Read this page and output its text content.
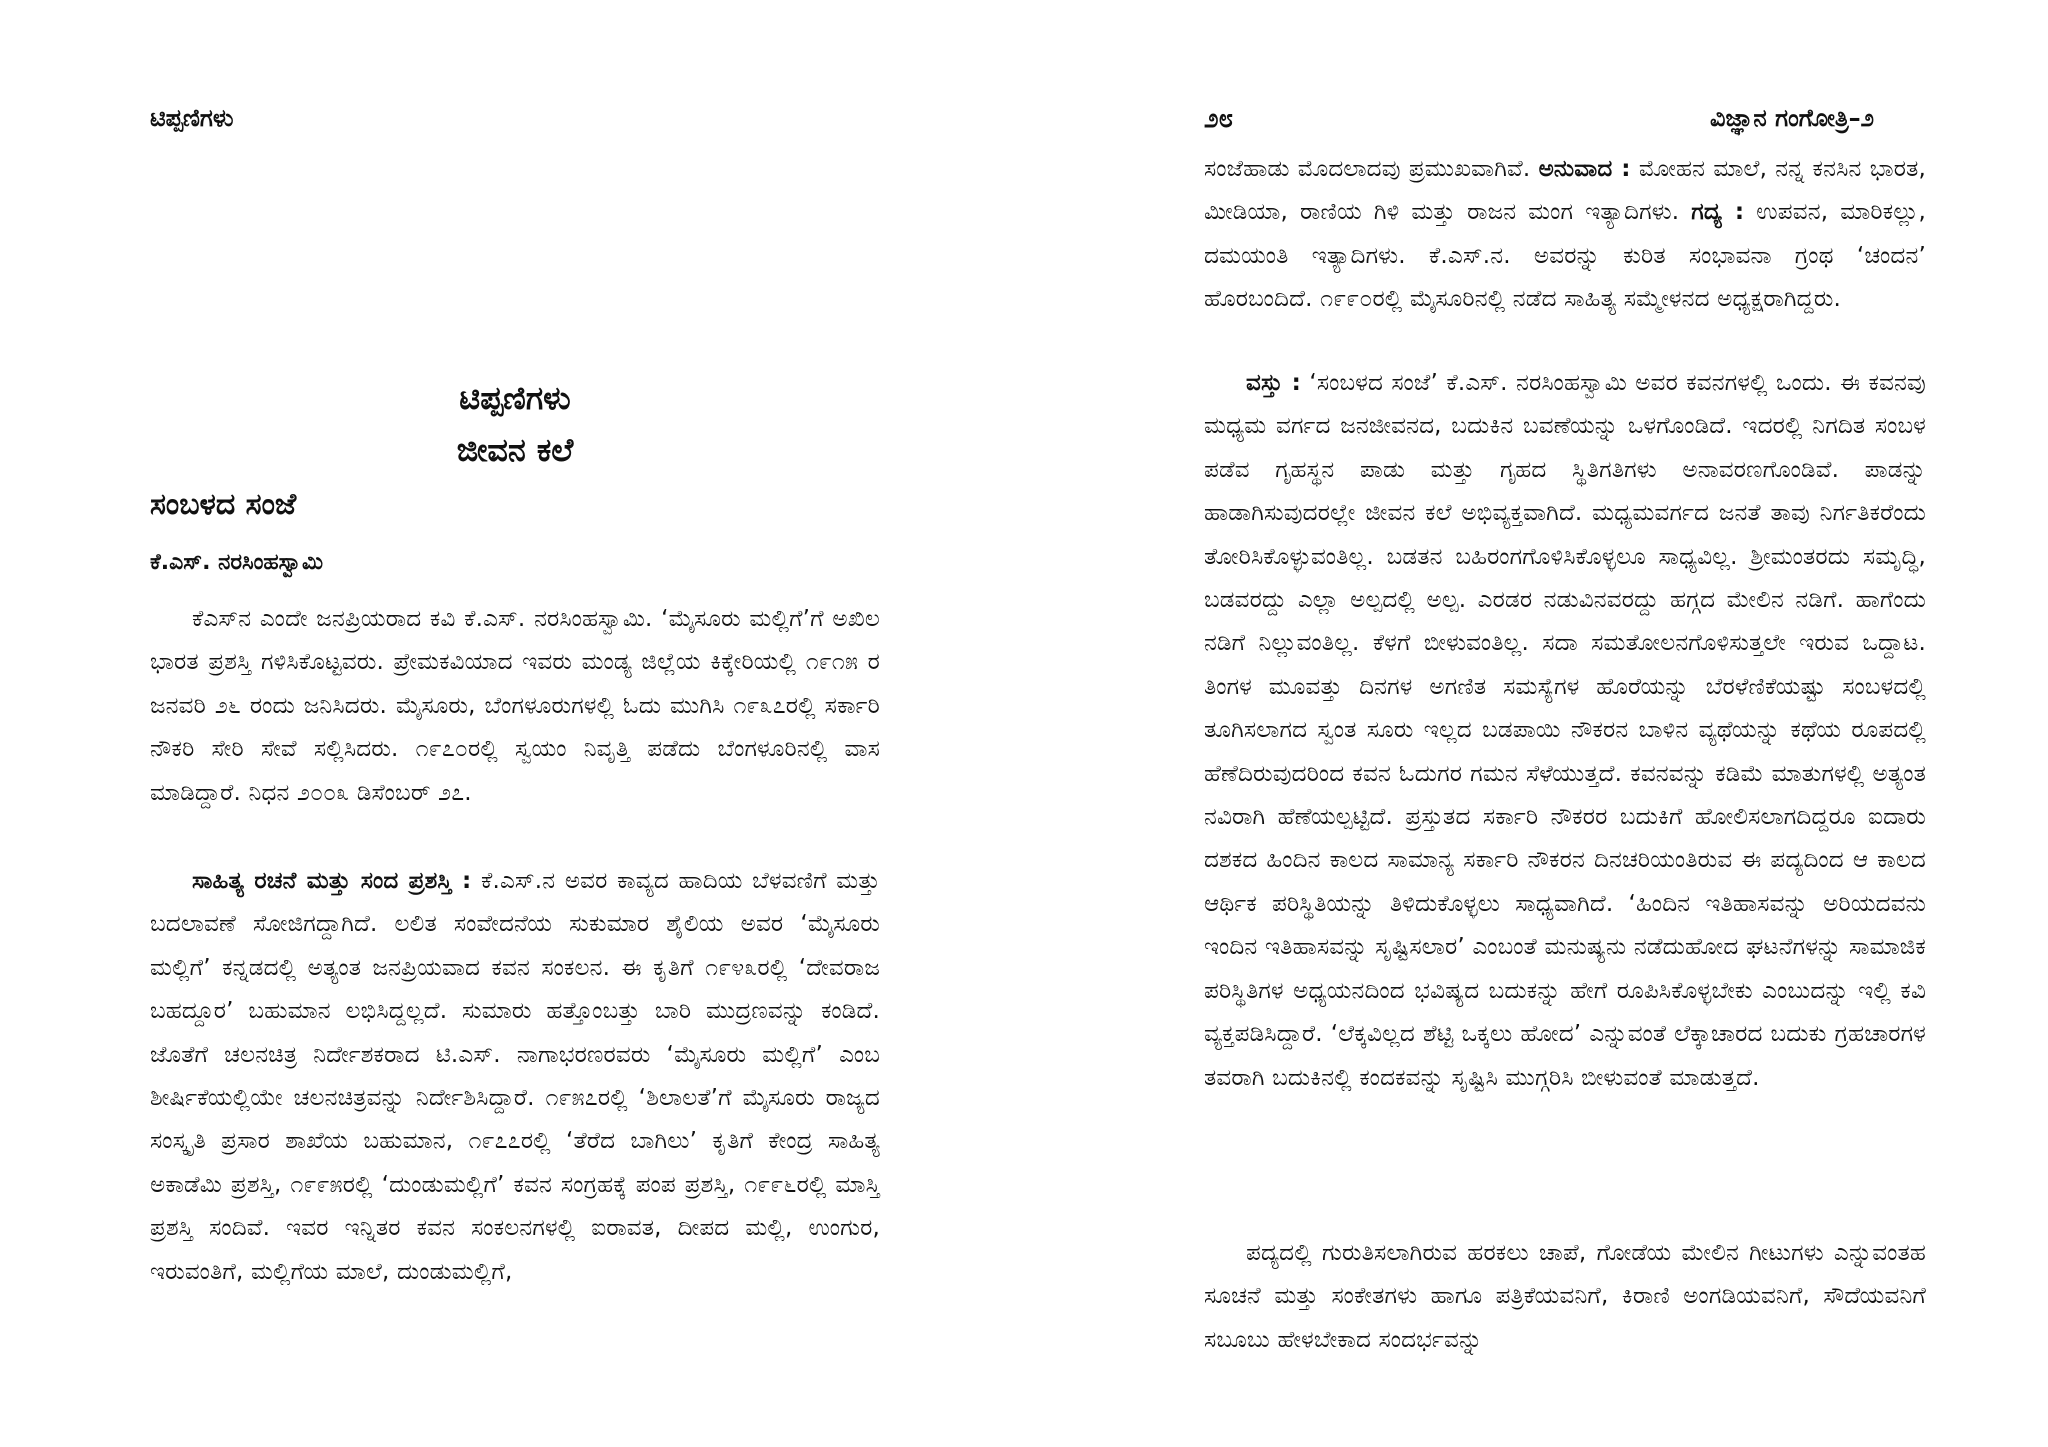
ಟಿಪ್ಪಣಿಗಳು
ಟಿಪ್ಪಣಿಗಳು
ಜೀವನ ಕಲೆ
ಸಂಬಳದ ಸಂಜೆ
ಕೆ.ಎಸ್. ನರಸಿಂಹಸ್ವಾಮಿ

ಕೆಎಸ್‌ನ ಎಂದೇ ಜನಪ್ರಿಯರಾದ ಕವಿ ಕೆ.ಎಸ್. ನರಸಿಂಹಸ್ವಾಮಿ. ‘ಮೈಸೂರು ಮಲ್ಲಿಗೆ’ಗೆ ಅಖಿಲ ಭಾರತ ಪ್ರಶಸ್ತಿ ಗಳಿಸಿಕೊಟ್ಟವರು. ಪ್ರೇಮಕವಿಯಾದ ಇವರು ಮಂಡ್ಯ ಜಿಲ್ಲೆಯ ಕಿಕ್ಕೇರಿಯಲ್ಲಿ ೧೯೧೫ ರ ಜನವರಿ ೨೬ ರಂದು ಜನಿಸಿದರು. ಮೈಸೂರು, ಬೆಂಗಳೂರುಗಳಲ್ಲಿ ಓದು ಮುಗಿಸಿ ೧೯೩೭ರಲ್ಲಿ ಸರ್ಕಾರಿ ನೌಕರಿ ಸೇರಿ ಸೇವೆ ಸಲ್ಲಿಸಿದರು. ೧೯೭೦ರಲ್ಲಿ ಸ್ವಯಂ ನಿವೃತ್ತಿ ಪಡೆದು ಬೆಂಗಳೂರಿನಲ್ಲಿ ವಾಸ ಮಾಡಿದ್ದಾರೆ. ನಿಧನ ೨೦೦೩ ಡಿಸೆಂಬರ್ ೨೭.

ಸಾಹಿತ್ಯ ರಚನೆ ಮತ್ತು ಸಂದ ಪ್ರಶಸ್ತಿ : ಕೆ.ಎಸ್.ನ ಅವರ ಕಾವ್ಯದ ಹಾದಿಯ ಬೆಳವಣಿಗೆ ಮತ್ತು ಬದಲಾವಣೆ ಸೋಜಿಗದ್ದಾಗಿದೆ. ಲಲಿತ ಸಂವೇದನೆಯ ಸುಕುಮಾರ ಶೈಲಿಯ ಅವರ ‘ಮೈಸೂರು ಮಲ್ಲಿಗೆ’ ಕನ್ನಡದಲ್ಲಿ ಅತ್ಯಂತ ಜನಪ್ರಿಯವಾದ ಕವನ ಸಂಕಲನ. ಈ ಕೃತಿಗೆ ೧೯೪೩ರಲ್ಲಿ ‘ದೇವರಾಜ ಬಹದ್ದೂರ’ ಬಹುಮಾನ ಲಭಿಸಿದ್ದಲ್ಲದೆ. ಸುಮಾರು ಹತ್ತೊಂಬತ್ತು ಬಾರಿ ಮುದ್ರಣವನ್ನು ಕಂಡಿದೆ. ಜೊತೆಗೆ ಚಲನಚಿತ್ರ ನಿರ್ದೇಶಕರಾದ ಟಿ.ಎಸ್. ನಾಗಾಭರಣರವರು ‘ಮೈಸೂರು ಮಲ್ಲಿಗೆ’ ಎಂಬ ಶೀರ್ಷಿಕೆಯಲ್ಲಿಯೇ ಚಲನಚಿತ್ರವನ್ನು ನಿರ್ದೇಶಿಸಿದ್ದಾರೆ. ೧೯೫೭ರಲ್ಲಿ ‘ಶಿಲಾಲತೆ’ಗೆ ಮೈಸೂರು ರಾಜ್ಯದ ಸಂಸ್ಕೃತಿ ಪ್ರಸಾರ ಶಾಖೆಯ ಬಹುಮಾನ, ೧೯೭೭ರಲ್ಲಿ ‘ತೆರೆದ ಬಾಗಿಲು’ ಕೃತಿಗೆ ಕೇಂದ್ರ ಸಾಹಿತ್ಯ ಅಕಾಡೆಮಿ ಪ್ರಶಸ್ತಿ, ೧೯೯೫ರಲ್ಲಿ ‘ದುಂಡುಮಲ್ಲಿಗೆ’ ಕವನ ಸಂಗ್ರಹಕ್ಕೆ ಪಂಪ ಪ್ರಶಸ್ತಿ, ೧೯೯೬ರಲ್ಲಿ ಮಾಸ್ತಿ ಪ್ರಶಸ್ತಿ ಸಂದಿವೆ. ಇವರ ಇನ್ನಿತರ ಕವನ ಸಂಕಲನಗಳಲ್ಲಿ ಐರಾವತ, ದೀಪದ ಮಲ್ಲಿ, ಉಂಗುರ, ಇರುವಂತಿಗೆ, ಮಲ್ಲಿಗೆಯ ಮಾಲೆ, ದುಂಡುಮಲ್ಲಿಗೆ,

೨೮	ವಿಜ್ಞಾನ ಗಂಗೋತ್ರಿ–೨

ಸಂಜೆಹಾಡು ಮೊದಲಾದವು ಪ್ರಮುಖವಾಗಿವೆ. ಅನುವಾದ : ಮೋಹನ ಮಾಲೆ, ನನ್ನ ಕನಸಿನ ಭಾರತ, ಮೀಡಿಯಾ, ರಾಣಿಯ ಗಿಳಿ ಮತ್ತು ರಾಜನ ಮಂಗ ಇತ್ಯಾದಿಗಳು. ಗದ್ಯ : ಉಪವನ, ಮಾರಿಕಲ್ಲು, ದಮಯಂತಿ ಇತ್ಯಾದಿಗಳು. ಕೆ.ಎಸ್.ನ. ಅವರನ್ನು ಕುರಿತ ಸಂಭಾವನಾ ಗ್ರಂಥ ‘ಚಂದನ’ ಹೊರಬಂದಿದೆ. ೧೯೯೦ರಲ್ಲಿ ಮೈಸೂರಿನಲ್ಲಿ ನಡೆದ ಸಾಹಿತ್ಯ ಸಮ್ಮೇಳನದ ಅಧ್ಯಕ್ಷರಾಗಿದ್ದರು.

ವಸ್ತು : ‘ಸಂಬಳದ ಸಂಜೆ’ ಕೆ.ಎಸ್. ನರಸಿಂಹಸ್ವಾಮಿ ಅವರ ಕವನಗಳಲ್ಲಿ ಒಂದು. ಈ ಕವನವು ಮಧ್ಯಮ ವರ್ಗದ ಜನಜೀವನದ, ಬದುಕಿನ ಬವಣೆಯನ್ನು ಒಳಗೊಂಡಿದೆ. ಇದರಲ್ಲಿ ನಿಗದಿತ ಸಂಬಳ ಪಡೆವ ಗೃಹಸ್ಥನ ಪಾಡು ಮತ್ತು ಗೃಹದ ಸ್ಥಿತಿಗತಿಗಳು ಅನಾವರಣಗೊಂಡಿವೆ. ಪಾಡನ್ನು ಹಾಡಾಗಿಸುವುದರಲ್ಲೇ ಜೀವನ ಕಲೆ ಅಭಿವ್ಯಕ್ತವಾಗಿದೆ. ಮಧ್ಯಮವರ್ಗದ ಜನತೆ ತಾವು ನಿರ್ಗತಿಕರೆಂದು ತೋರಿಸಿಕೊಳ್ಳುವಂತಿಲ್ಲ. ಬಡತನ ಬಹಿರಂಗಗೊಳಿಸಿಕೊಳ್ಳಲೂ ಸಾಧ್ಯವಿಲ್ಲ. ಶ್ರೀಮಂತರದು ಸಮೃದ್ಧಿ, ಬಡವರದ್ದು ಎಲ್ಲಾ ಅಲ್ಪದಲ್ಲಿ ಅಲ್ಪ. ಎರಡರ ನಡುವಿನವರದ್ದು ಹಗ್ಗದ ಮೇಲಿನ ನಡಿಗೆ. ಹಾಗೆಂದು ನಡಿಗೆ ನಿಲ್ಲುವಂತಿಲ್ಲ. ಕೆಳಗೆ ಬೀಳುವಂತಿಲ್ಲ. ಸದಾ ಸಮತೋಲನಗೊಳಿಸುತ್ತಲೇ ಇರುವ ಒದ್ದಾಟ. ತಿಂಗಳ ಮೂವತ್ತು ದಿನಗಳ ಅಗಣಿತ ಸಮಸ್ಯೆಗಳ ಹೊರೆಯನ್ನು ಬೆರಳೆಣಿಕೆಯಷ್ಟು ಸಂಬಳದಲ್ಲಿ ತೂಗಿಸಲಾಗದ ಸ್ವಂತ ಸೂರು ಇಲ್ಲದ ಬಡಪಾಯಿ ನೌಕರನ ಬಾಳಿನ ವ್ಯಥೆಯನ್ನು ಕಥೆಯ ರೂಪದಲ್ಲಿ ಹೆಣೆದಿರುವುದರಿಂದ ಕವನ ಓದುಗರ ಗಮನ ಸೆಳೆಯುತ್ತದೆ. ಕವನವನ್ನು ಕಡಿಮೆ ಮಾತುಗಳಲ್ಲಿ ಅತ್ಯಂತ ನವಿರಾಗಿ ಹೆಣೆಯಲ್ಪಟ್ಟಿದೆ. ಪ್ರಸ್ತುತದ ಸರ್ಕಾರಿ ನೌಕರರ ಬದುಕಿಗೆ ಹೋಲಿಸಲಾಗದಿದ್ದರೂ ಐದಾರು ದಶಕದ ಹಿಂದಿನ ಕಾಲದ ಸಾಮಾನ್ಯ ಸರ್ಕಾರಿ ನೌಕರನ ದಿನಚರಿಯಂತಿರುವ ಈ ಪದ್ಯದಿಂದ ಆ ಕಾಲದ ಆರ್ಥಿಕ ಪರಿಸ್ಥಿತಿಯನ್ನು ತಿಳಿದುಕೊಳ್ಳಲು ಸಾಧ್ಯವಾಗಿದೆ. ‘ಹಿಂದಿನ ಇತಿಹಾಸವನ್ನು ಅರಿಯದವನು ಇಂದಿನ ಇತಿಹಾಸವನ್ನು ಸೃಷ್ಟಿಸಲಾರ’ ಎಂಬಂತೆ ಮನುಷ್ಯನು ನಡೆದುಹೋದ ಘಟನೆಗಳನ್ನು ಸಾಮಾಜಿಕ ಪರಿಸ್ಥಿತಿಗಳ ಅಧ್ಯಯನದಿಂದ ಭವಿಷ್ಯದ ಬದುಕನ್ನು ಹೇಗೆ ರೂಪಿಸಿಕೊಳ್ಳಬೇಕು ಎಂಬುದನ್ನು ಇಲ್ಲಿ ಕವಿ ವ್ಯಕ್ತಪಡಿಸಿದ್ದಾರೆ. ‘ಲೆಕ್ಕವಿಲ್ಲದ ಶೆಟ್ಟಿ ಒಕ್ಕಲು ಹೋದ’ ಎನ್ನುವಂತೆ ಲೆಕ್ಕಾಚಾರದ ಬದುಕು ಗ್ರಹಚಾರಗಳ ತವರಾಗಿ ಬದುಕಿನಲ್ಲಿ ಕಂದಕವನ್ನು ಸೃಷ್ಟಿಸಿ ಮುಗ್ಗರಿಸಿ ಬೀಳುವಂತೆ ಮಾಡುತ್ತದೆ.

ಪದ್ಯದಲ್ಲಿ ಗುರುತಿಸಲಾಗಿರುವ ಹರಕಲು ಚಾಪೆ, ಗೋಡೆಯ ಮೇಲಿನ ಗೀಟುಗಳು ಎನ್ನುವಂತಹ ಸೂಚನೆ ಮತ್ತು ಸಂಕೇತಗಳು ಹಾಗೂ ಪತ್ರಿಕೆಯವನಿಗೆ, ಕಿರಾಣಿ ಅಂಗಡಿಯವನಿಗೆ, ಸೌದೆಯವನಿಗೆ ಸಬೂಬು ಹೇಳಬೇಕಾದ ಸಂದರ್ಭವನ್ನು
